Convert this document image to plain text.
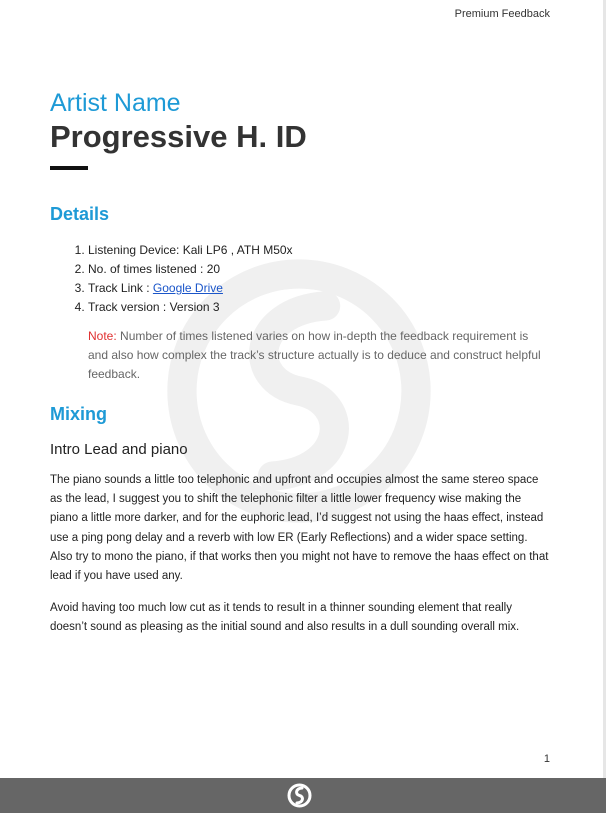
Premium Feedback
Artist Name
Progressive H. ID
Details
1. Listening Device: Kali LP6 , ATH M50x
2. No. of times listened : 20
3. Track Link : Google Drive
4. Track version : Version 3
Note: Number of times listened varies on how in-depth the feedback requirement is and also how complex the track’s structure actually is to deduce and construct helpful feedback.
Mixing
Intro Lead and piano

The piano sounds a little too telephonic and upfront and occupies almost the same stereo space as the lead, I suggest you to shift the telephonic filter a little lower frequency wise making the piano a little more darker, and for the euphoric lead, I’d suggest not using the haas effect, instead use a ping pong delay and a reverb with low ER (Early Reflections) and a wider space setting. Also try to mono the piano, if that works then you might not have to remove the haas effect on that lead if you have used any.

Avoid having too much low cut as it tends to result in a thinner sounding element that really doesn’t sound as pleasing as the initial sound and also results in a dull sounding overall mix.

1
